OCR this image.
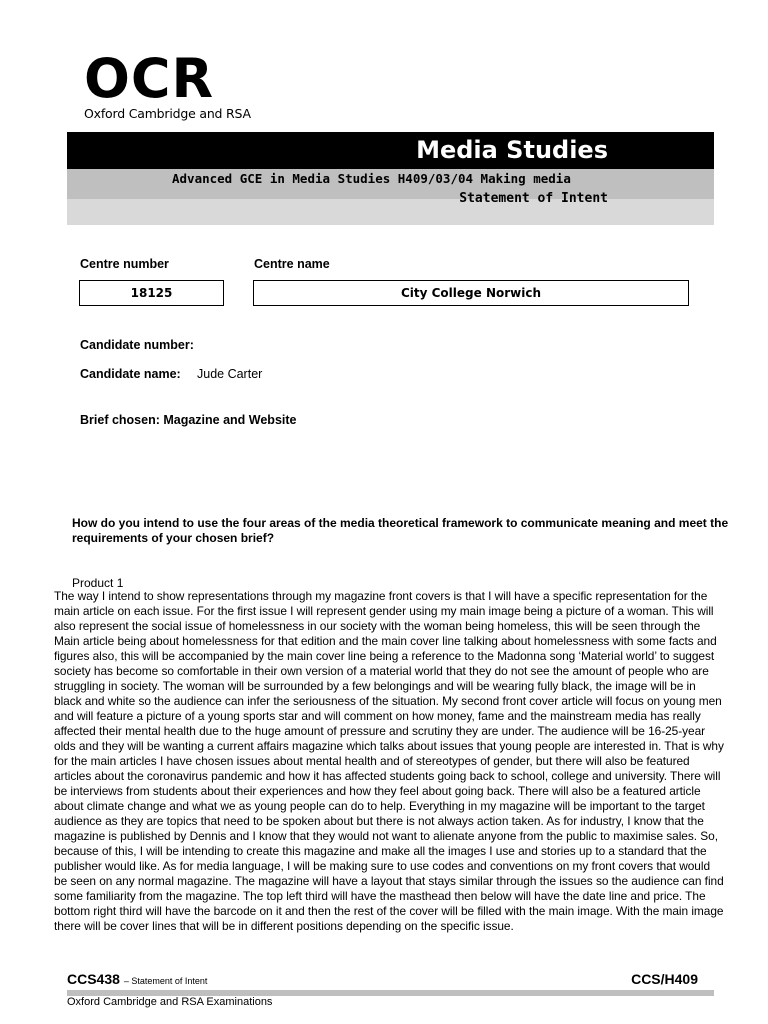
OCR
Oxford Cambridge and RSA
Media Studies
Advanced GCE in Media Studies H409/03/04 Making media
Statement of Intent
Centre number	Centre name
18125	City College Norwich
Candidate number:
Candidate name: Jude Carter
Brief chosen: Magazine and Website
How do you intend to use the four areas of the media theoretical framework to communicate meaning and meet the requirements of your chosen brief?
Product 1
The way I intend to show representations through my magazine front covers is that I will have a specific representation for the main article on each issue. For the first issue I will represent gender using my main image being a picture of a woman. This will also represent the social issue of homelessness in our society with the woman being homeless, this will be seen through the Main article being about homelessness for that edition and the main cover line talking about homelessness with some facts and figures also, this will be accompanied by the main cover line being a reference to the Madonna song ‘Material world’ to suggest society has become so comfortable in their own version of a material world that they do not see the amount of people who are struggling in society. The woman will be surrounded by a few belongings and will be wearing fully black, the image will be in black and white so the audience can infer the seriousness of the situation. My second front cover article will focus on young men and will feature a picture of a young sports star and will comment on how money, fame and the mainstream media has really affected their mental health due to the huge amount of pressure and scrutiny they are under. The audience will be 16-25-year olds and they will be wanting a current affairs magazine which talks about issues that young people are interested in. That is why for the main articles I have chosen issues about mental health and of stereotypes of gender, but there will also be featured articles about the coronavirus pandemic and how it has affected students going back to school, college and university. There will be interviews from students about their experiences and how they feel about going back. There will also be a featured article about climate change and what we as young people can do to help. Everything in my magazine will be important to the target audience as they are topics that need to be spoken about but there is not always action taken. As for industry, I know that the magazine is published by Dennis and I know that they would not want to alienate anyone from the public to maximise sales. So, because of this, I will be intending to create this magazine and make all the images I use and stories up to a standard that the publisher would like. As for media language, I will be making sure to use codes and conventions on my front covers that would be seen on any normal magazine. The magazine will have a layout that stays similar through the issues so the audience can find some familiarity from the magazine. The top left third will have the masthead then below will have the date line and price. The bottom right third will have the barcode on it and then the rest of the cover will be filled with the main image. With the main image there will be cover lines that will be in different positions depending on the specific issue.
CCS438 – Statement of Intent	CCS/H409
Oxford Cambridge and RSA Examinations
